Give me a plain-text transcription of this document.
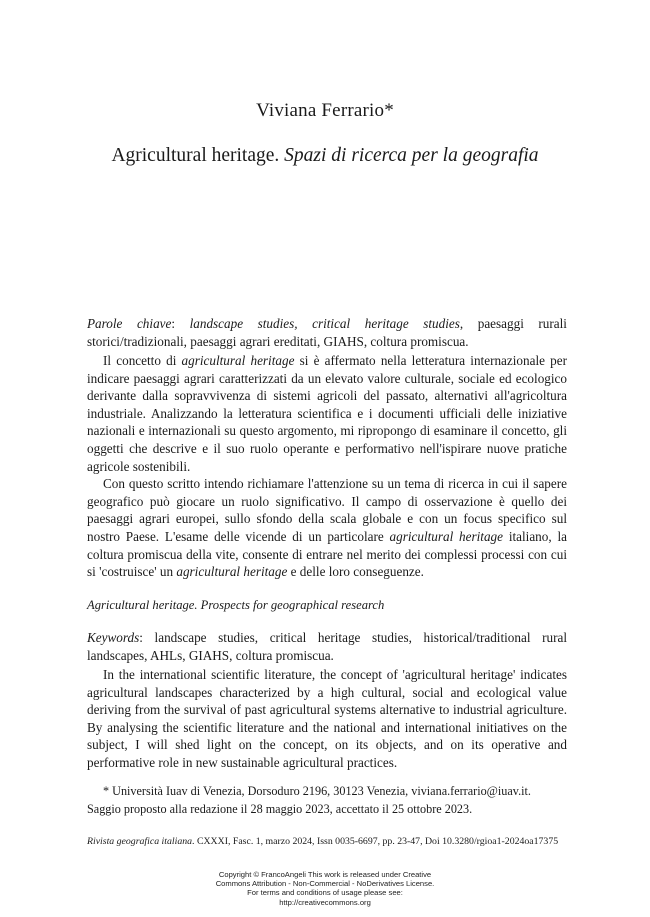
Viviana Ferrario*
Agricultural heritage. Spazi di ricerca per la geografia

Parole chiave: landscape studies, critical heritage studies, paesaggi rurali storici/tradizionali, paesaggi agrari ereditati, GIAHS, coltura promiscua.

Il concetto di agricultural heritage si è affermato nella letteratura internazionale per indicare paesaggi agrari caratterizzati da un elevato valore culturale, sociale ed ecologico derivante dalla sopravvivenza di sistemi agricoli del passato, alternativi all'agricoltura industriale. Analizzando la letteratura scientifica e i documenti ufficiali delle iniziative nazionali e internazionali su questo argomento, mi ripropongo di esaminare il concetto, gli oggetti che descrive e il suo ruolo operante e performativo nell'ispirare nuove pratiche agricole sostenibili.

Con questo scritto intendo richiamare l'attenzione su un tema di ricerca in cui il sapere geografico può giocare un ruolo significativo. Il campo di osservazione è quello dei paesaggi agrari europei, sullo sfondo della scala globale e con un focus specifico sul nostro Paese. L'esame delle vicende di un particolare agricultural heritage italiano, la coltura promiscua della vite, consente di entrare nel merito dei complessi processi con cui si 'costruisce' un agricultural heritage e delle loro conseguenze.

Agricultural heritage. Prospects for geographical research

Keywords: landscape studies, critical heritage studies, historical/traditional rural landscapes, AHLs, GIAHS, coltura promiscua.

In the international scientific literature, the concept of 'agricultural heritage' indicates agricultural landscapes characterized by a high cultural, social and ecological value deriving from the survival of past agricultural systems alternative to industrial agriculture. By analysing the scientific literature and the national and international initiatives on the subject, I will shed light on the concept, on its objects, and on its operative and performative role in new sustainable agricultural practices.

* Università Iuav di Venezia, Dorsoduro 2196, 30123 Venezia, viviana.ferrario@iuav.it.

Saggio proposto alla redazione il 28 maggio 2023, accettato il 25 ottobre 2023.

Rivista geografica italiana. CXXXI, Fasc. 1, marzo 2024, Issn 0035-6697, pp. 23-47, Doi 10.3280/rgioa1-2024oa17375
Copyright © FrancoAngeli This work is released under Creative
Commons Attribution - Non-Commercial - NoDerivatives License.
For terms and conditions of usage please see:
http://creativecommons.org
